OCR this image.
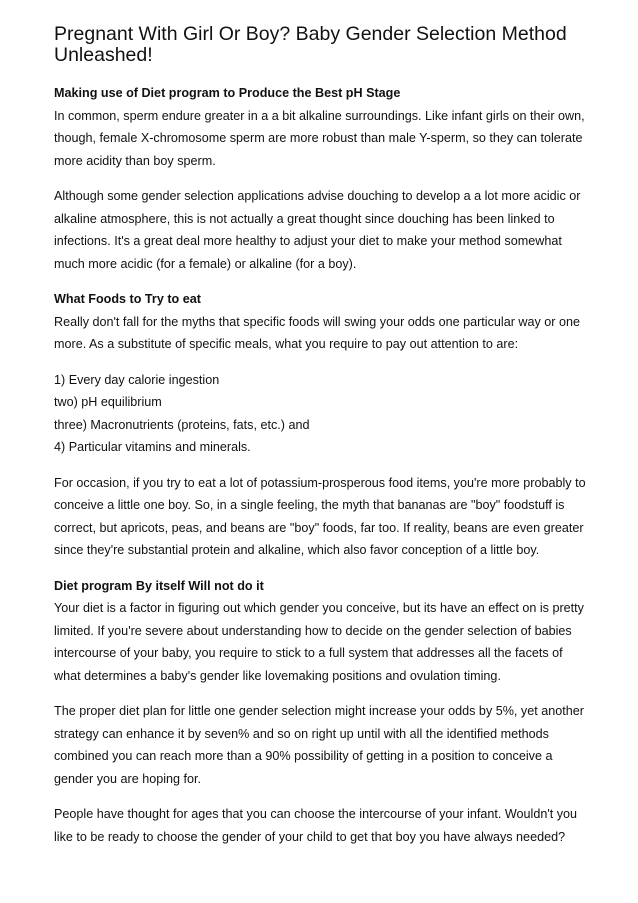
Pregnant With Girl Or Boy? Baby Gender Selection Method Unleashed!
Making use of Diet program to Produce the Best pH Stage

In common, sperm endure greater in a a bit alkaline surroundings. Like infant girls on their own, though, female X-chromosome sperm are more robust than male Y-sperm, so they can tolerate more acidity than boy sperm.

Although some gender selection applications advise douching to develop a a lot more acidic or alkaline atmosphere, this is not actually a great thought since douching has been linked to infections. It's a great deal more healthy to adjust your diet to make your method somewhat much more acidic (for a female) or alkaline (for a boy).

What Foods to Try to eat

Really don't fall for the myths that specific foods will swing your odds one particular way or one more. As a substitute of specific meals, what you require to pay out attention to are:

1) Every day calorie ingestion
two) pH equilibrium
three) Macronutrients (proteins, fats, etc.) and
4) Particular vitamins and minerals.

For occasion, if you try to eat a lot of potassium-prosperous food items, you're more probably to conceive a little one boy. So, in a single feeling, the myth that bananas are "boy" foodstuff is correct, but apricots, peas, and beans are "boy" foods, far too. If reality, beans are even greater since they're substantial protein and alkaline, which also favor conception of a little boy.

Diet program By itself Will not do it

Your diet is a factor in figuring out which gender you conceive, but its have an effect on is pretty limited. If you're severe about understanding how to decide on the gender selection of babies intercourse of your baby, you require to stick to a full system that addresses all the facets of what determines a baby's gender like lovemaking positions and ovulation timing.

The proper diet plan for little one gender selection might increase your odds by 5%, yet another strategy can enhance it by seven% and so on right up until with all the identified methods combined you can reach more than a 90% possibility of getting in a position to conceive a gender you are hoping for.

People have thought for ages that you can choose the intercourse of your infant. Wouldn't you like to be ready to choose the gender of your child to get that boy you have always needed?
